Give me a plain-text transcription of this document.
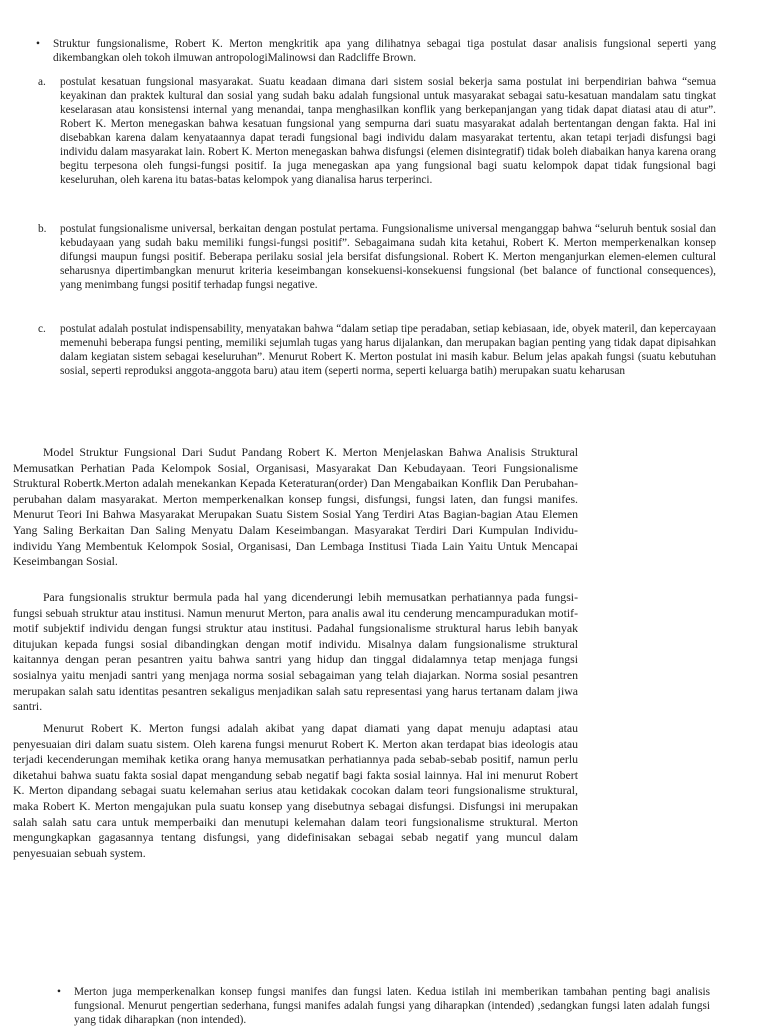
• Struktur fungsionalisme, Robert K. Merton mengkritik apa yang dilihatnya sebagai tiga postulat dasar analisis fungsional seperti yang dikembangkan oleh tokoh ilmuwan antropologiMalinowsi dan Radcliffe Brown.
a. postulat kesatuan fungsional masyarakat. Suatu keadaan dimana dari sistem sosial bekerja sama postulat ini berpendirian bahwa “semua keyakinan dan praktek kultural dan sosial yang sudah baku adalah fungsional untuk masyarakat sebagai satu-kesatuan mandalam satu tingkat keselarasan atau konsistensi internal yang menandai, tanpa menghasilkan konflik yang berkepanjangan yang tidak dapat diatasi atau di atur”. Robert K. Merton menegaskan bahwa kesatuan fungsional yang sempurna dari suatu masyarakat adalah bertentangan dengan fakta. Hal ini disebabkan karena dalam kenyataannya dapat teradi fungsional bagi individu dalam masyarakat tertentu, akan tetapi terjadi disfungsi bagi individu dalam masyarakat lain. Robert K. Merton menegaskan bahwa disfungsi (elemen disintegratif) tidak boleh diabaikan hanya karena orang begitu terpesona oleh fungsi-fungsi positif. Ia juga menegaskan apa yang fungsional bagi suatu kelompok dapat tidak fungsional bagi keseluruhan, oleh karena itu batas-batas kelompok yang dianalisa harus terperinci.
b. postulat fungsionalisme universal, berkaitan dengan postulat pertama. Fungsionalisme universal menganggap bahwa “seluruh bentuk sosial dan kebudayaan yang sudah baku memiliki fungsi-fungsi positif”. Sebagaimana sudah kita ketahui, Robert K. Merton memperkenalkan konsep difungsi maupun fungsi positif. Beberapa perilaku sosial jela bersifat disfungsional. Robert K. Merton menganjurkan elemen-elemen cultural seharusnya dipertimbangkan menurut kriteria keseimbangan konsekuensi-konsekuensi fungsional (bet balance of functional consequences), yang menimbang fungsi positif terhadap fungsi negative.
c. postulat adalah postulat indispensability, menyatakan bahwa “dalam setiap tipe peradaban, setiap kebiasaan, ide, obyek materil, dan kepercayaan memenuhi beberapa fungsi penting, memiliki sejumlah tugas yang harus dijalankan, dan merupakan bagian penting yang tidak dapat dipisahkan dalam kegiatan sistem sebagai keseluruhan”. Menurut Robert K. Merton postulat ini masih kabur. Belum jelas apakah fungsi (suatu kebutuhan sosial, seperti reproduksi anggota-anggota baru) atau item (seperti norma, seperti keluarga batih) merupakan suatu keharusan
Model Struktur Fungsional Dari Sudut Pandang Robert K. Merton Menjelaskan Bahwa Analisis Struktural Memusatkan Perhatian Pada Kelompok Sosial, Organisasi, Masyarakat Dan Kebudayaan. Teori Fungsionalisme Struktural Robertk.Merton adalah menekankan Kepada Keteraturan(order) Dan Mengabaikan Konflik Dan Perubahan-perubahan dalam masyarakat. Merton memperkenalkan konsep fungsi, disfungsi, fungsi laten, dan fungsi manifes. Menurut Teori Ini Bahwa Masyarakat Merupakan Suatu Sistem Sosial Yang Terdiri Atas Bagian-bagian Atau Elemen Yang Saling Berkaitan Dan Saling Menyatu Dalam Keseimbangan. Masyarakat Terdiri Dari Kumpulan Individu-individu Yang Membentuk Kelompok Sosial, Organisasi, Dan Lembaga Institusi Tiada Lain Yaitu Untuk Mencapai Keseimbangan Sosial.
Para fungsionalis struktur bermula pada hal yang dicenderungi lebih memusatkan perhatiannya pada fungsi-fungsi sebuah struktur atau institusi. Namun menurut Merton, para analis awal itu cenderung mencampuradukan motif- motif subjektif individu dengan fungsi struktur atau institusi. Padahal fungsionalisme struktural harus lebih banyak ditujukan kepada fungsi sosial dibandingkan dengan motif individu. Misalnya dalam fungsionalisme struktural kaitannya dengan peran pesantren yaitu bahwa santri yang hidup dan tinggal didalamnya tetap menjaga fungsi sosialnya yaitu menjadi santri yang menjaga norma sosial sebagaiman yang telah diajarkan. Norma sosial pesantren merupakan salah satu identitas pesantren sekaligus menjadikan salah satu representasi yang harus tertanam dalam jiwa santri.
Menurut Robert K. Merton fungsi adalah akibat yang dapat diamati yang dapat menuju adaptasi atau penyesuaian diri dalam suatu sistem. Oleh karena fungsi menurut Robert K. Merton akan terdapat bias ideologis atau terjadi kecenderungan memihak ketika orang hanya memusatkan perhatiannya pada sebab-sebab positif, namun perlu diketahui bahwa suatu fakta sosial dapat mengandung sebab negatif bagi fakta sosial lainnya. Hal ini menurut Robert K. Merton dipandang sebagai suatu kelemahan serius atau ketidakak cocokan dalam teori fungsionalisme struktural, maka Robert K. Merton mengajukan pula suatu konsep yang disebutnya sebagai disfungsi. Disfungsi ini merupakan salah salah satu cara untuk memperbaiki dan menutupi kelemahan dalam teori fungsionalisme struktural. Merton mengungkapkan gagasannya tentang disfungsi, yang didefinisakan sebagai sebab negatif yang muncul dalam penyesuaian sebuah system.
• Merton juga memperkenalkan konsep fungsi manifes dan fungsi laten. Kedua istilah ini memberikan tambahan penting bagi analisis fungsional. Menurut pengertian sederhana, fungsi manifes adalah fungsi yang diharapkan (intended) ,sedangkan fungsi laten adalah fungsi yang tidak diharapkan (non intended).
